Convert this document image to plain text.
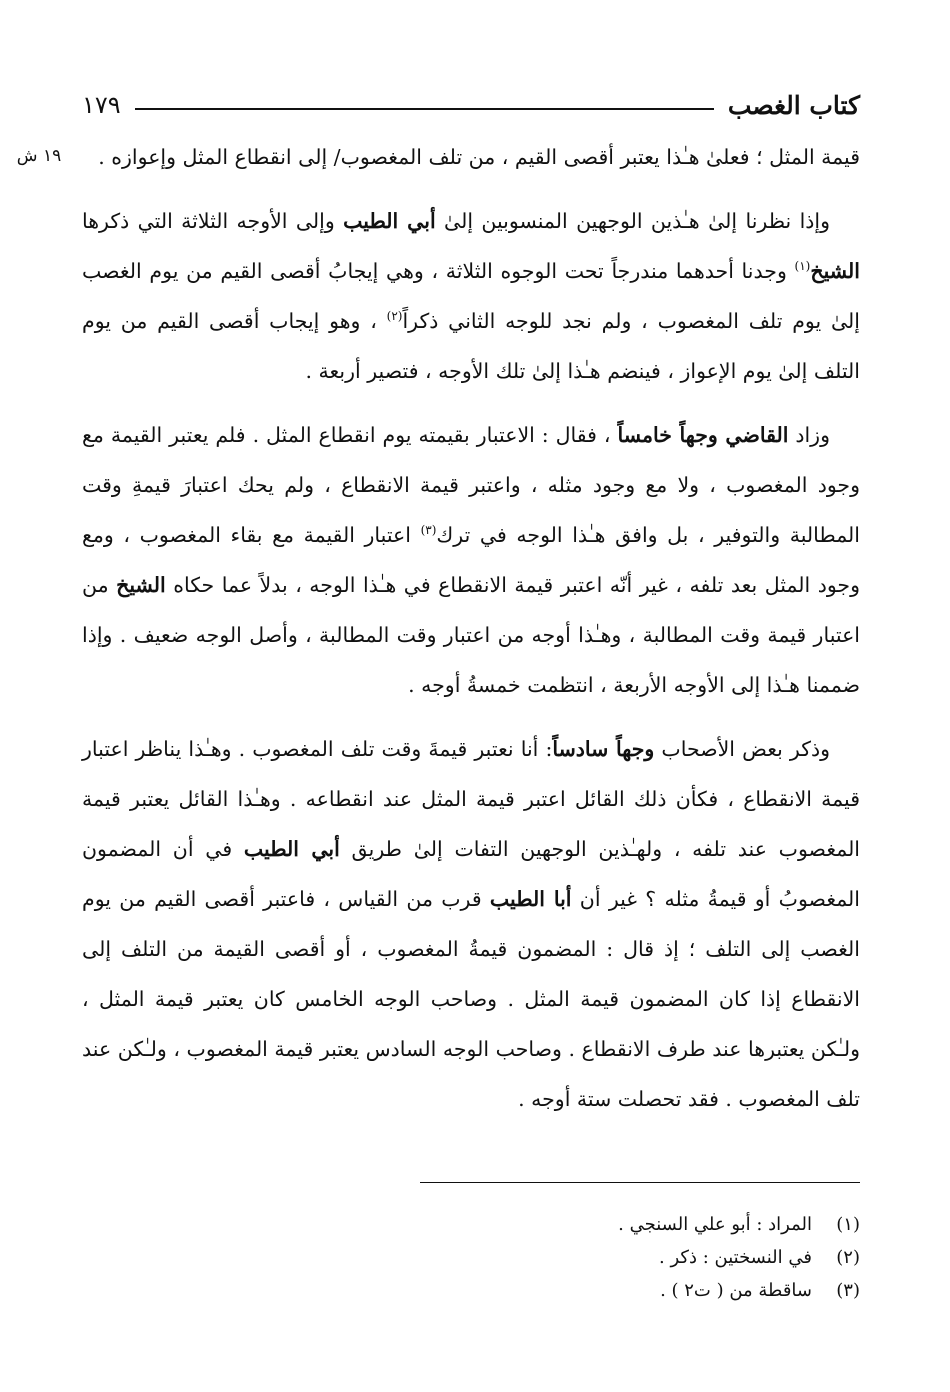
كتاب الغصب
١٧٩
١٩ ش	قيمة المثل ؛ فعلىٰ هـٰذا يعتبر أقصى القيم ، من تلف المغصوب/ إلى انقطاع المثل وإعوازه .

وإذا نظرنا إلىٰ هـٰذين الوجهين المنسوبين إلىٰ أبي الطيب وإلى الأوجه الثلاثة التي ذكرها الشيخ$^{(١)}$ وجدنا أحدهما مندرجاً تحت الوجوه الثلاثة ، وهي إيجابُ أقصى القيم من يوم الغصب إلىٰ يوم تلف المغصوب ، ولم نجد للوجه الثاني ذكراً$^{(٢)}$ ، وهو إيجاب أقصى القيم من يوم التلف إلىٰ يوم الإعواز ، فينضم هـٰذا إلىٰ تلك الأوجه ، فتصير أربعة .

وزاد القاضي وجهاً خامساً ، فقال : الاعتبار بقيمته يوم انقطاع المثل . فلم يعتبر القيمة مع وجود المغصوب ، ولا مع وجود مثله ، واعتبر قيمة الانقطاع ، ولم يحك اعتبارَ قيمةِ وقت المطالبة والتوفير ، بل وافق هـٰذا الوجه في ترك$^{(٣)}$ اعتبار القيمة مع بقاء المغصوب ، ومع وجود المثل بعد تلفه ، غير أنّه اعتبر قيمة الانقطاع في هـٰذا الوجه ، بدلاً عما حكاه الشيخ من اعتبار قيمة وقت المطالبة ، وهـٰذا أوجه من اعتبار وقت المطالبة ، وأصل الوجه ضعيف . وإذا ضممنا هـٰذا إلى الأوجه الأربعة ، انتظمت خمسةُ أوجه .

وذكر بعض الأصحاب وجهاً سادساً: أنا نعتبر قيمةَ وقت تلف المغصوب . وهـٰذا يناظر اعتبار قيمة الانقطاع ، فكأن ذلك القائل اعتبر قيمة المثل عند انقطاعه . وهـٰذا القائل يعتبر قيمة المغصوب عند تلفه ، ولهـٰذين الوجهين التفات إلىٰ طريق أبي الطيب في أن المضمون المغصوبُ أو قيمةُ مثله ؟ غير أن أبا الطيب قرب من القياس ، فاعتبر أقصى القيم من يوم الغصب إلى التلف ؛ إذ قال : المضمون قيمةُ المغصوب ، أو أقصى القيمة من التلف إلى الانقطاع إذا كان المضمون قيمة المثل . وصاحب الوجه الخامس كان يعتبر قيمة المثل ، ولـٰكن يعتبرها عند طرف الانقطاع . وصاحب الوجه السادس يعتبر قيمة المغصوب ، ولـٰكن عند تلف المغصوب . فقد تحصلت ستة أوجه .

(١)
المراد : أبو علي السنجي .
(٢)
في النسختين : ذكر .
(٣)
ساقطة من ( ت٢ ) .
